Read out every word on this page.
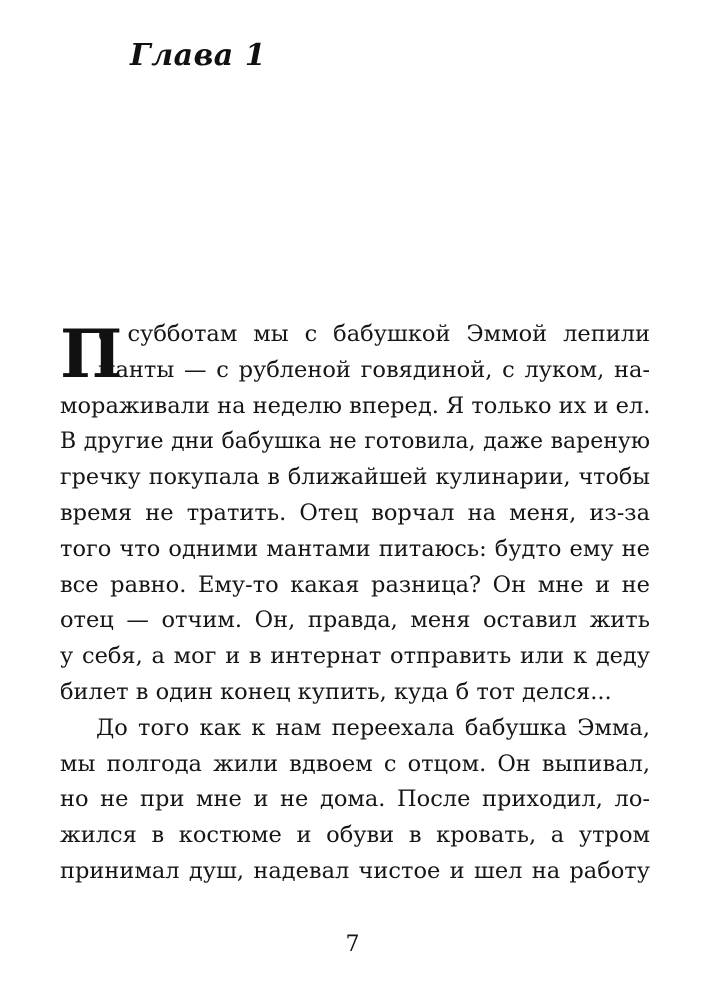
Глава 1
П
о субботам мы с бабушкой Эммой лепили
манты — с рубленой говядиной, с луком, на-
мораживали на неделю вперед. Я только их и ел.
В другие дни бабушка не готовила, даже вареную
гречку покупала в ближайшей кулинарии, чтобы
время не тратить. Отец ворчал на меня, из-за
того что одними мантами питаюсь: будто ему не
все равно. Ему-то какая разница? Он мне и не
отец — отчим. Он, правда, меня оставил жить
у себя, а мог и в интернат отправить или к деду
билет в один конец купить, куда б тот делся...
До того как к нам переехала бабушка Эмма,
мы полгода жили вдвоем с отцом. Он выпивал,
но не при мне и не дома. После приходил, ло-
жился в костюме и обуви в кровать, а утром
принимал душ, надевал чистое и шел на работу
7
